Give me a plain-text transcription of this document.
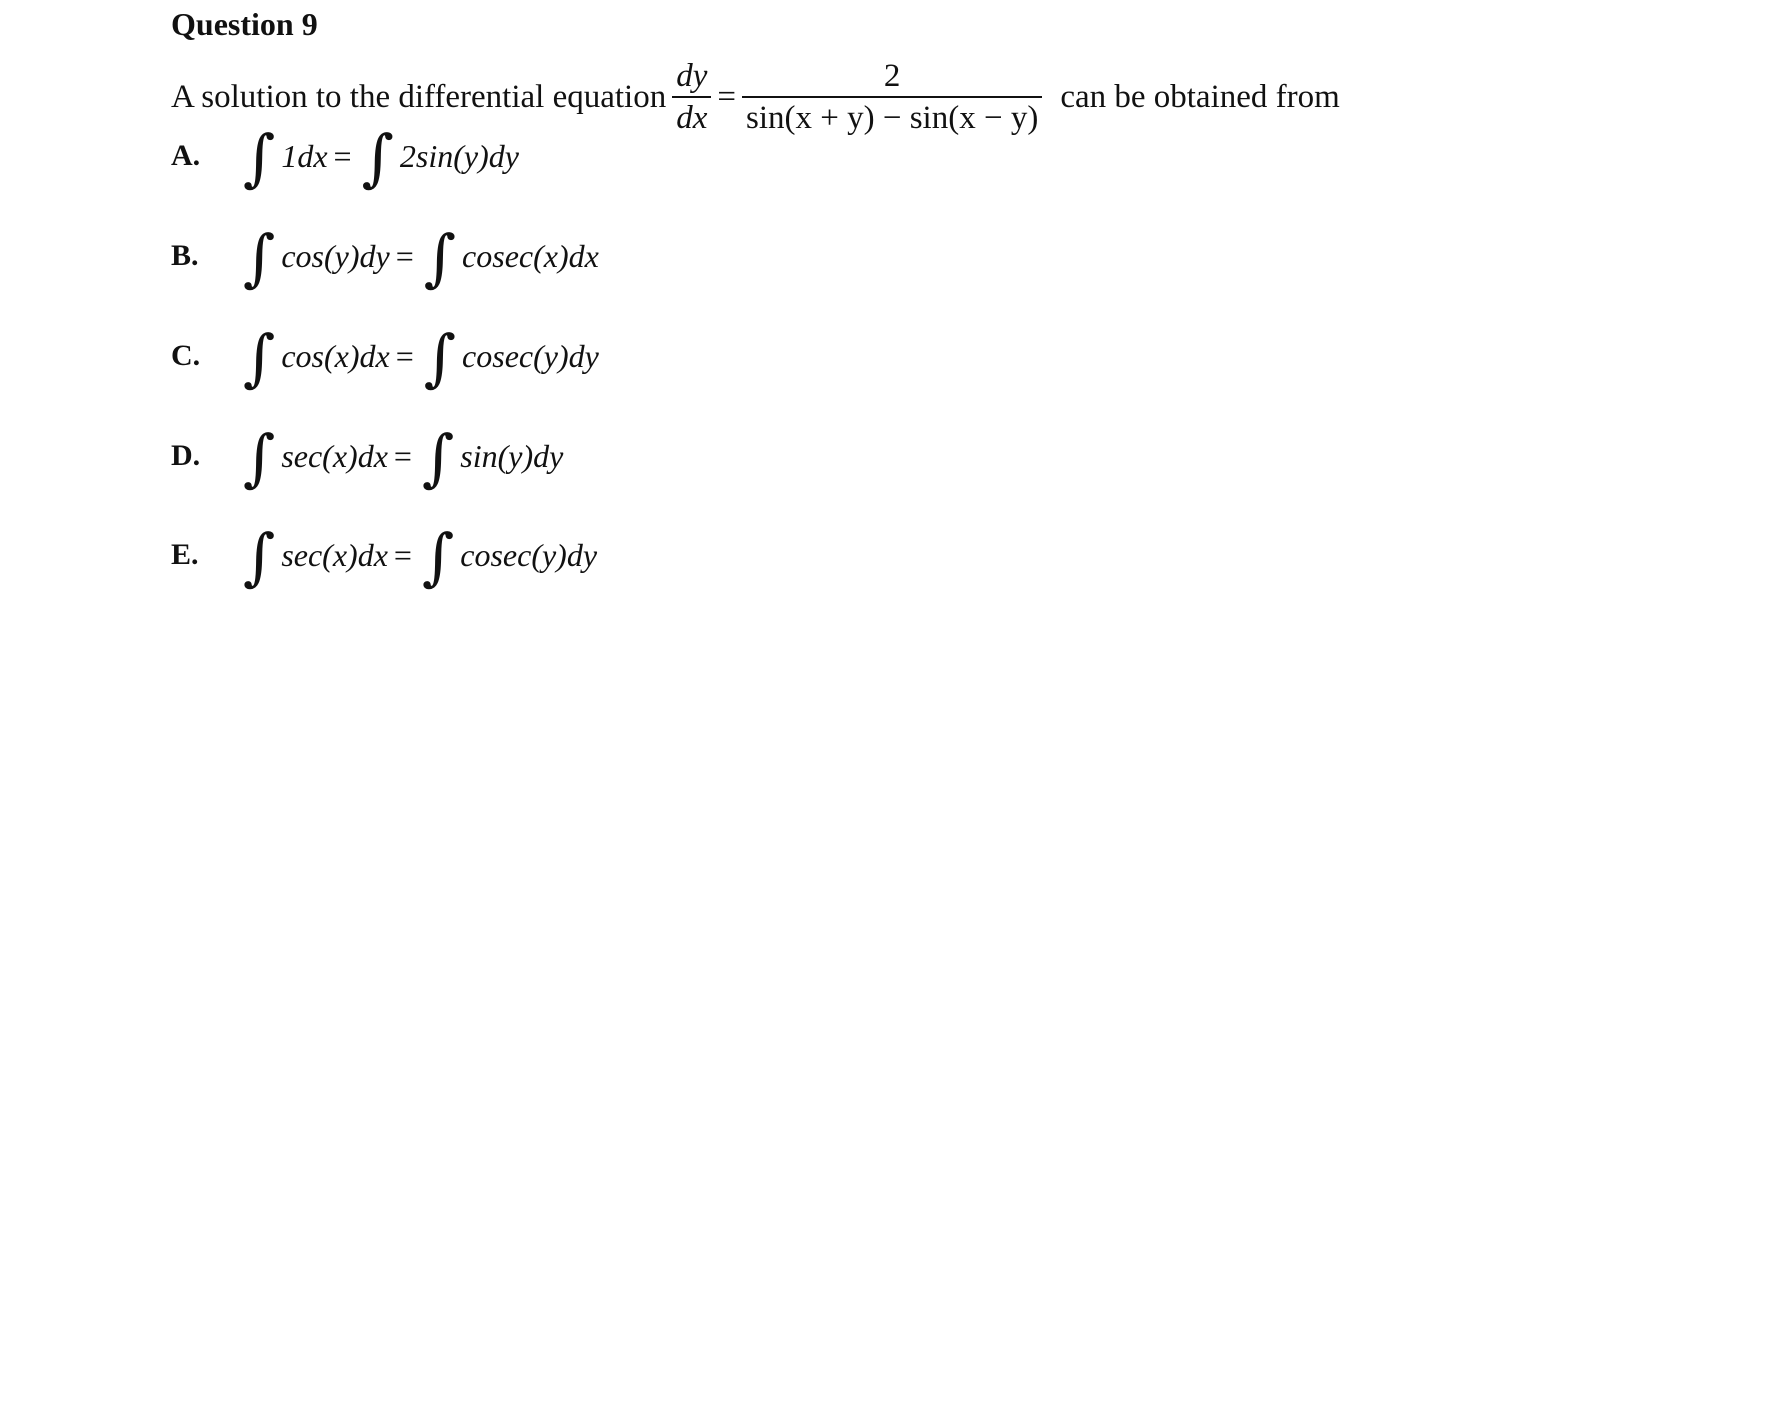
Question 9
A solution to the differential equation $\frac{dy}{dx} = \frac{2}{\sin(x + y) - \sin(x - y)}$ can be obtained from
A. ∫ 1dx = ∫ 2sin(y)dy
B. ∫ cos(y)dy = ∫ cosec(x)dx
C. ∫ cos(x)dx = ∫ cosec(y)dy
D. ∫ sec(x)dx = ∫ sin(y)dy
E. ∫ sec(x)dx = ∫ cosec(y)dy
